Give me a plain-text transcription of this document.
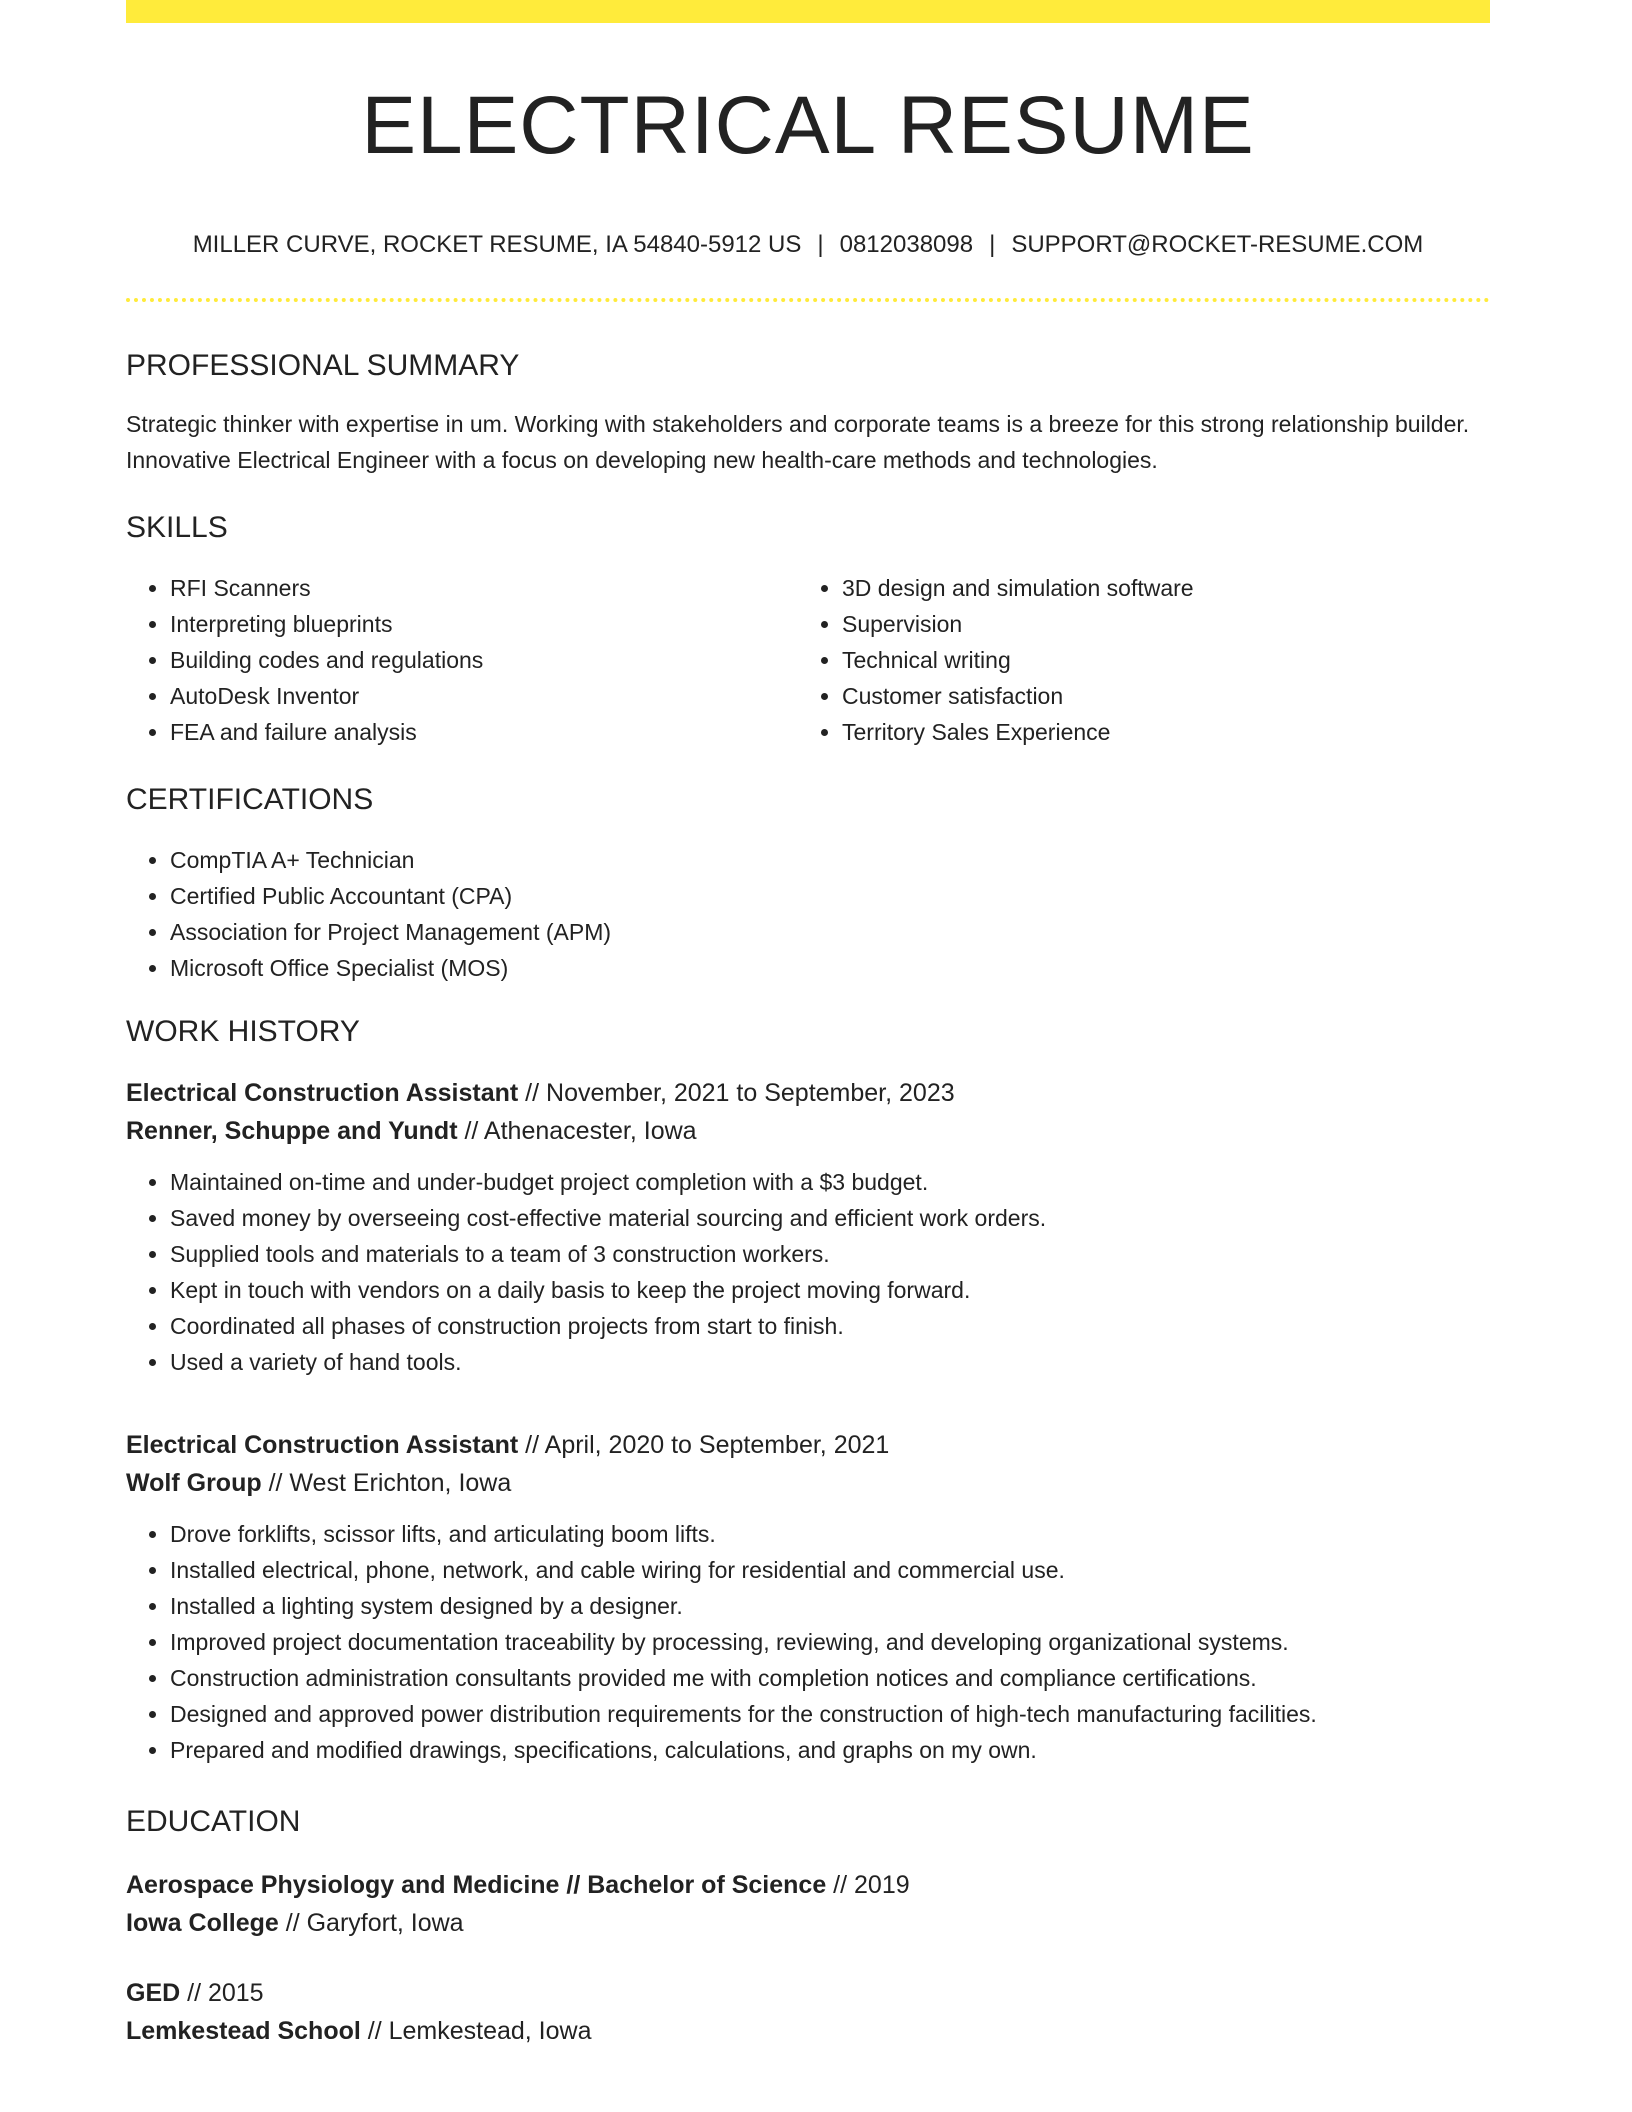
ELECTRICAL RESUME
MILLER CURVE, ROCKET RESUME, IA 54840-5912 US | 0812038098 | SUPPORT@ROCKET-RESUME.COM
PROFESSIONAL SUMMARY
Strategic thinker with expertise in um. Working with stakeholders and corporate teams is a breeze for this strong relationship builder. Innovative Electrical Engineer with a focus on developing new health-care methods and technologies.
SKILLS
• RFI Scanners
• Interpreting blueprints
• Building codes and regulations
• AutoDesk Inventor
• FEA and failure analysis
• 3D design and simulation software
• Supervision
• Technical writing
• Customer satisfaction
• Territory Sales Experience
CERTIFICATIONS
• CompTIA A+ Technician
• Certified Public Accountant (CPA)
• Association for Project Management (APM)
• Microsoft Office Specialist (MOS)
WORK HISTORY
Electrical Construction Assistant // November, 2021 to September, 2023
Renner, Schuppe and Yundt // Athenacester, Iowa
• Maintained on-time and under-budget project completion with a $3 budget.
• Saved money by overseeing cost-effective material sourcing and efficient work orders.
• Supplied tools and materials to a team of 3 construction workers.
• Kept in touch with vendors on a daily basis to keep the project moving forward.
• Coordinated all phases of construction projects from start to finish.
• Used a variety of hand tools.
Electrical Construction Assistant // April, 2020 to September, 2021
Wolf Group // West Erichton, Iowa
• Drove forklifts, scissor lifts, and articulating boom lifts.
• Installed electrical, phone, network, and cable wiring for residential and commercial use.
• Installed a lighting system designed by a designer.
• Improved project documentation traceability by processing, reviewing, and developing organizational systems.
• Construction administration consultants provided me with completion notices and compliance certifications.
• Designed and approved power distribution requirements for the construction of high-tech manufacturing facilities.
• Prepared and modified drawings, specifications, calculations, and graphs on my own.
EDUCATION
Aerospace Physiology and Medicine // Bachelor of Science // 2019
Iowa College // Garyfort, Iowa
GED // 2015
Lemkestead School // Lemkestead, Iowa
